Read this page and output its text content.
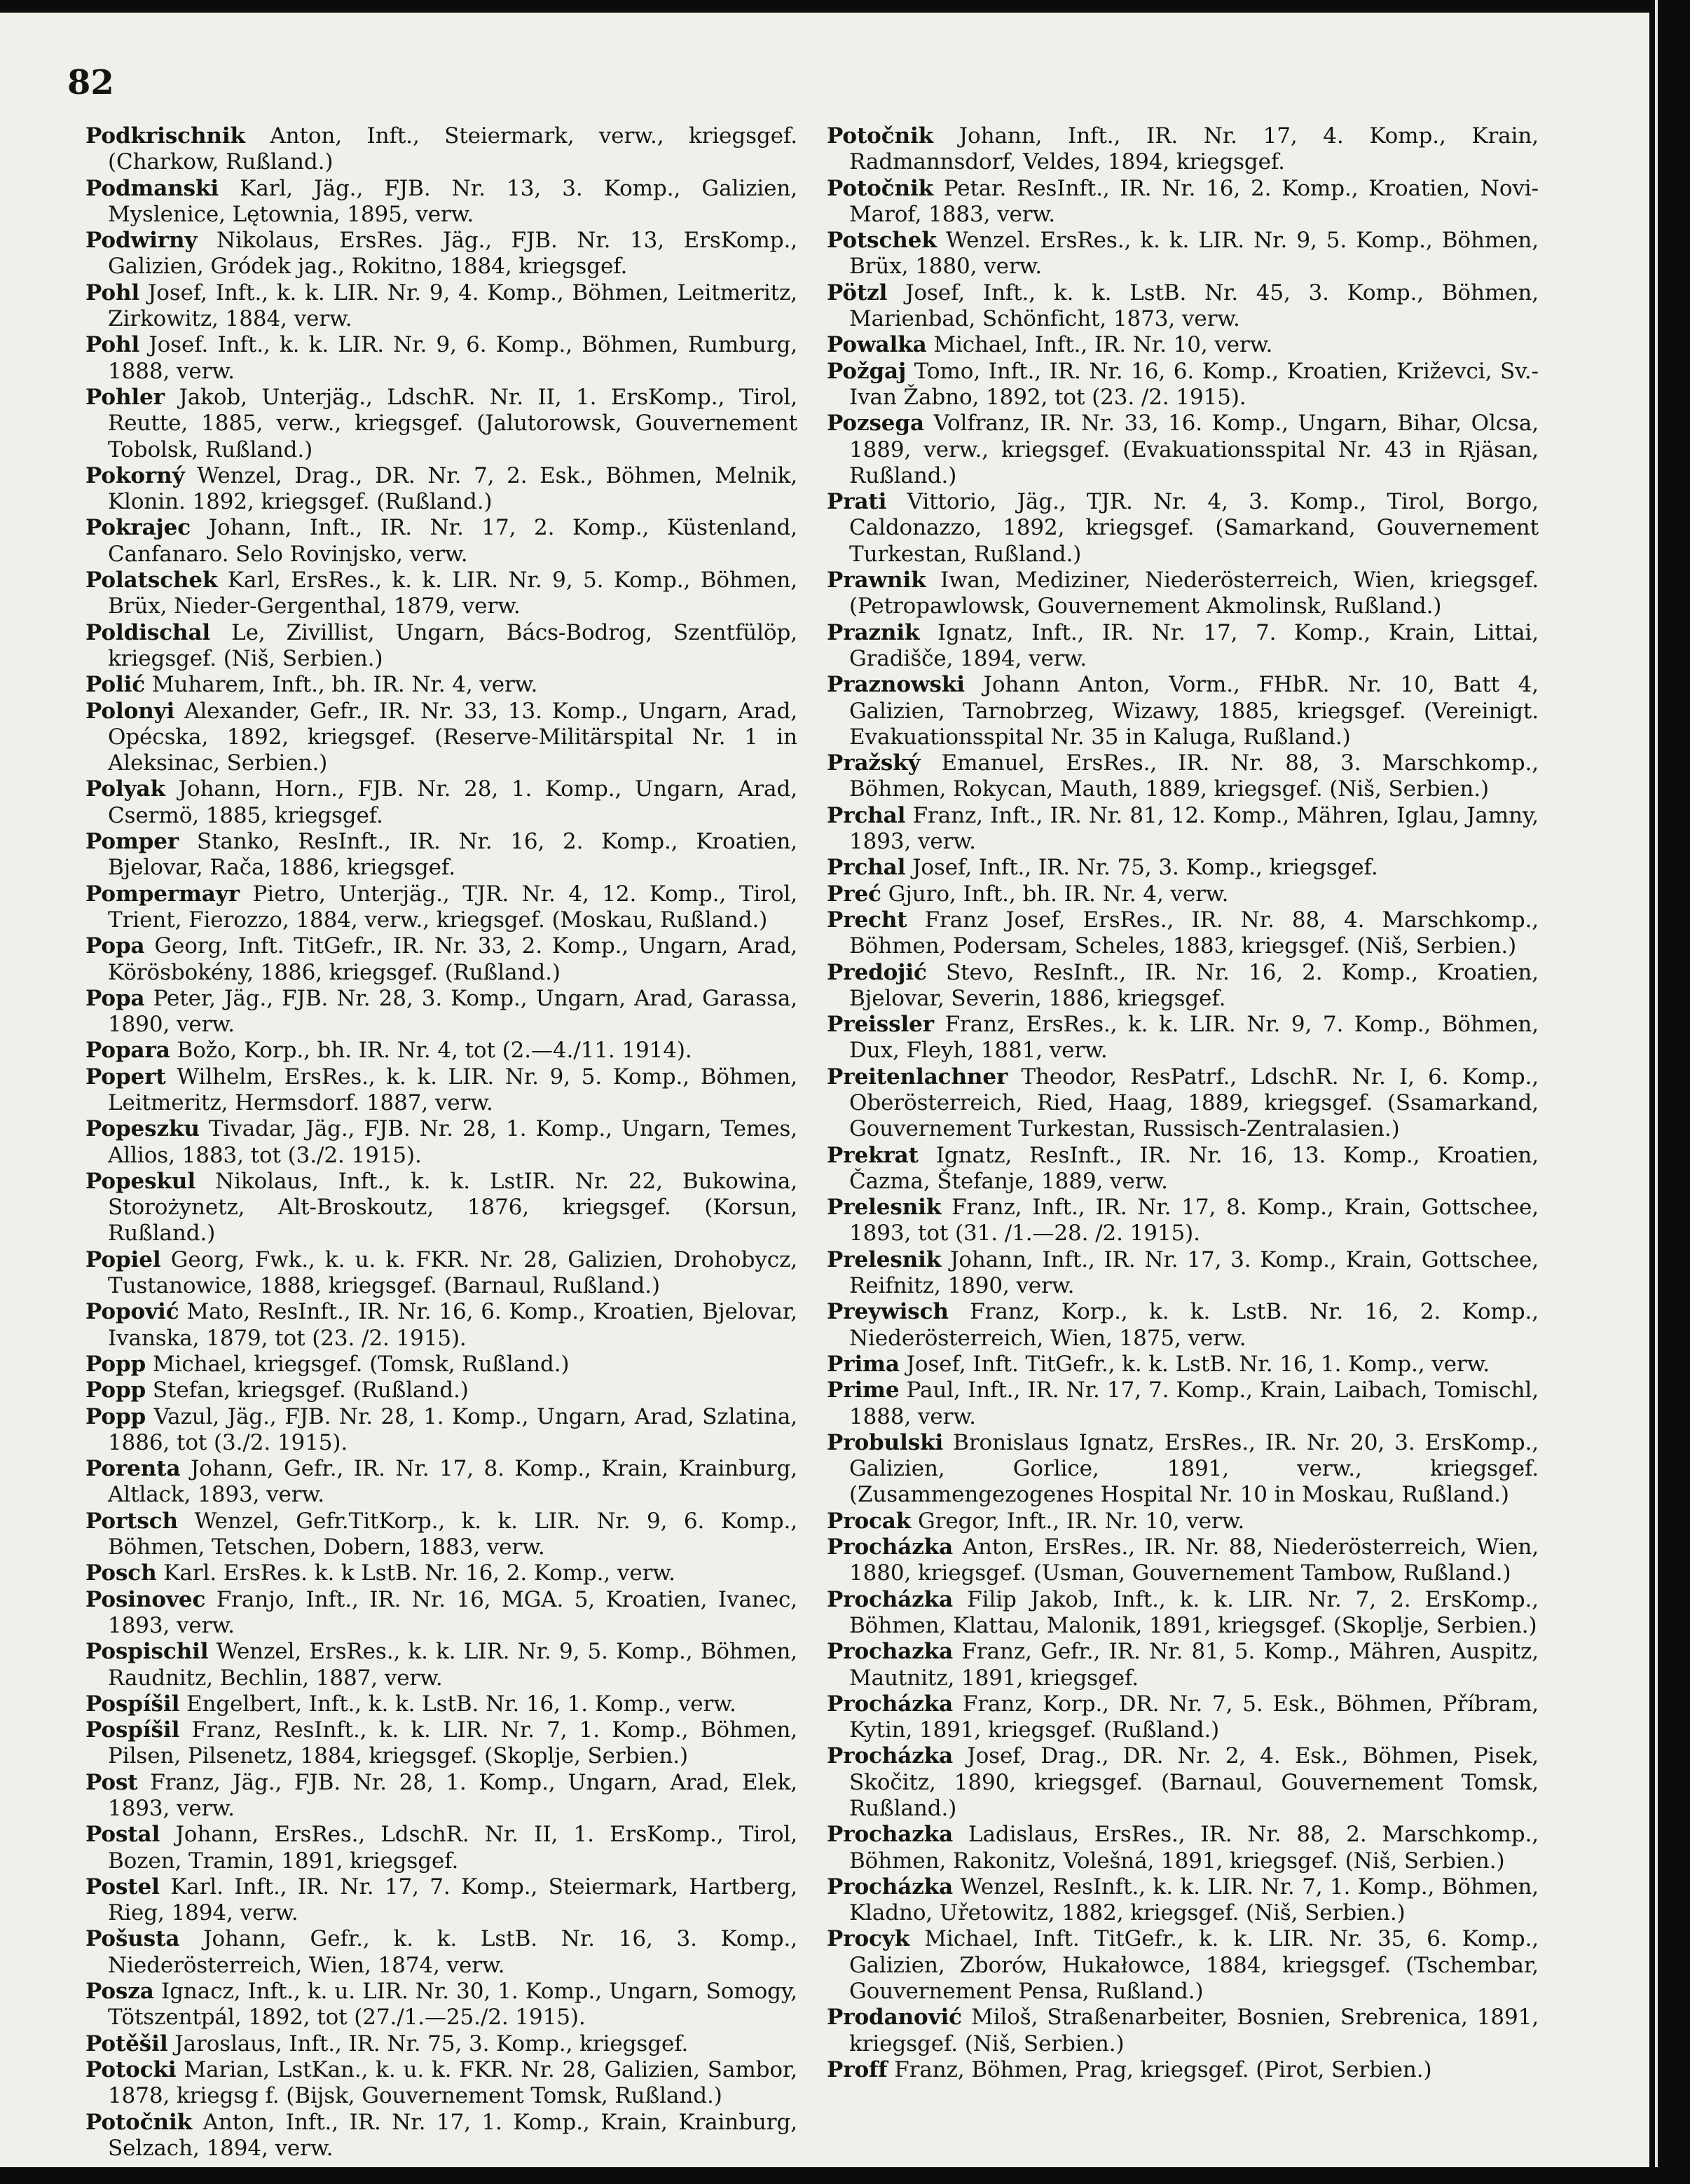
82

Podkrischnik Anton, Inft., Steiermark, verw., kriegsgef. (Charkow, Rußland.)

Podmanski Karl, Jäg., FJB. Nr. 13, 3. Komp., Galizien, Myslenice, Lętownia, 1895, verw.

Podwirny Nikolaus, ErsRes. Jäg., FJB. Nr. 13, ErsKomp., Galizien, Gródek jag., Rokitno, 1884, kriegsgef.

Pohl Josef, Inft., k. k. LIR. Nr. 9, 4. Komp., Böhmen, Leitmeritz, Zirkowitz, 1884, verw.

Pohl Josef. Inft., k. k. LIR. Nr. 9, 6. Komp., Böhmen, Rumburg, 1888, verw.

Pohler Jakob, Unterjäg., LdschR. Nr. II, 1. ErsKomp., Tirol, Reutte, 1885, verw., kriegsgef. (Jalutorowsk, Gouvernement Tobolsk, Rußland.)

Pokorný Wenzel, Drag., DR. Nr. 7, 2. Esk., Böhmen, Melnik, Klonin. 1892, kriegsgef. (Rußland.)

Pokrajec Johann, Inft., IR. Nr. 17, 2. Komp., Küstenland, Canfanaro. Selo Rovinjsko, verw.

Polatschek Karl, ErsRes., k. k. LIR. Nr. 9, 5. Komp., Böhmen, Brüx, Nieder-Gergenthal, 1879, verw.

Poldischal Le, Zivillist, Ungarn, Bács-Bodrog, Szentfülöp, kriegsgef. (Niš, Serbien.)

Polić Muharem, Inft., bh. IR. Nr. 4, verw.

Polonyi Alexander, Gefr., IR. Nr. 33, 13. Komp., Ungarn, Arad, Opécska, 1892, kriegsgef. (Reserve-Militärspital Nr. 1 in Aleksinac, Serbien.)

Polyak Johann, Horn., FJB. Nr. 28, 1. Komp., Ungarn, Arad, Csermö, 1885, kriegsgef.

Pomper Stanko, ResInft., IR. Nr. 16, 2. Komp., Kroatien, Bjelovar, Rača, 1886, kriegsgef.

Pompermayr Pietro, Unterjäg., TJR. Nr. 4, 12. Komp., Tirol, Trient, Fierozzo, 1884, verw., kriegsgef. (Moskau, Rußland.)

Popa Georg, Inft. TitGefr., IR. Nr. 33, 2. Komp., Ungarn, Arad, Körösbokény, 1886, kriegsgef. (Rußland.)

Popa Peter, Jäg., FJB. Nr. 28, 3. Komp., Ungarn, Arad, Garassa, 1890, verw.

Popara Božo, Korp., bh. IR. Nr. 4, tot (2.—4./11. 1914).

Popert Wilhelm, ErsRes., k. k. LIR. Nr. 9, 5. Komp., Böhmen, Leitmeritz, Hermsdorf. 1887, verw.

Popeszku Tivadar, Jäg., FJB. Nr. 28, 1. Komp., Ungarn, Temes, Allios, 1883, tot (3./2. 1915).

Popeskul Nikolaus, Inft., k. k. LstIR. Nr. 22, Bukowina, Storożynetz, Alt-Broskoutz, 1876, kriegsgef. (Korsun, Rußland.)

Popiel Georg, Fwk., k. u. k. FKR. Nr. 28, Galizien, Drohobycz, Tustanowice, 1888, kriegsgef. (Barnaul, Rußland.)

Popović Mato, ResInft., IR. Nr. 16, 6. Komp., Kroatien, Bjelovar, Ivanska, 1879, tot (23. /2. 1915).

Popp Michael, kriegsgef. (Tomsk, Rußland.)

Popp Stefan, kriegsgef. (Rußland.)

Popp Vazul, Jäg., FJB. Nr. 28, 1. Komp., Ungarn, Arad, Szlatina, 1886, tot (3./2. 1915).

Porenta Johann, Gefr., IR. Nr. 17, 8. Komp., Krain, Krainburg, Altlack, 1893, verw.

Portsch Wenzel, Gefr.TitKorp., k. k. LIR. Nr. 9, 6. Komp., Böhmen, Tetschen, Dobern, 1883, verw.

Posch Karl. ErsRes. k. k LstB. Nr. 16, 2. Komp., verw.

Posinovec Franjo, Inft., IR. Nr. 16, MGA. 5, Kroatien, Ivanec, 1893, verw.

Pospischil Wenzel, ErsRes., k. k. LIR. Nr. 9, 5. Komp., Böhmen, Raudnitz, Bechlin, 1887, verw.

Pospíšil Engelbert, Inft., k. k. LstB. Nr. 16, 1. Komp., verw.

Pospíšil Franz, ResInft., k. k. LIR. Nr. 7, 1. Komp., Böhmen, Pilsen, Pilsenetz, 1884, kriegsgef. (Skoplje, Serbien.)

Post Franz, Jäg., FJB. Nr. 28, 1. Komp., Ungarn, Arad, Elek, 1893, verw.

Postal Johann, ErsRes., LdschR. Nr. II, 1. ErsKomp., Tirol, Bozen, Tramin, 1891, kriegsgef.

Postel Karl. Inft., IR. Nr. 17, 7. Komp., Steiermark, Hartberg, Rieg, 1894, verw.

Pošusta Johann, Gefr., k. k. LstB. Nr. 16, 3. Komp., Niederösterreich, Wien, 1874, verw.

Posza Ignacz, Inft., k. u. LIR. Nr. 30, 1. Komp., Ungarn, Somogy, Tötszentpál, 1892, tot (27./1.—25./2. 1915).

Potěšil Jaroslaus, Inft., IR. Nr. 75, 3. Komp., kriegsgef.

Potocki Marian, LstKan., k. u. k. FKR. Nr. 28, Galizien, Sambor, 1878, kriegsg f. (Bijsk, Gouvernement Tomsk, Rußland.)

Potočnik Anton, Inft., IR. Nr. 17, 1. Komp., Krain, Krainburg, Selzach, 1894, verw.

Potočnik Johann, Inft., IR. Nr. 17, 4. Komp., Krain, Radmannsdorf, Veldes, 1894, kriegsgef.

Potočnik Petar. ResInft., IR. Nr. 16, 2. Komp., Kroatien, Novi-Marof, 1883, verw.

Potschek Wenzel. ErsRes., k. k. LIR. Nr. 9, 5. Komp., Böhmen, Brüx, 1880, verw.

Pötzl Josef, Inft., k. k. LstB. Nr. 45, 3. Komp., Böhmen, Marienbad, Schönficht, 1873, verw.

Powalka Michael, Inft., IR. Nr. 10, verw.

Požgaj Tomo, Inft., IR. Nr. 16, 6. Komp., Kroatien, Križevci, Sv.-Ivan Žabno, 1892, tot (23. /2. 1915).

Pozsega Volfranz, IR. Nr. 33, 16. Komp., Ungarn, Bihar, Olcsa, 1889, verw., kriegsgef. (Evakuationsspital Nr. 43 in Rjäsan, Rußland.)

Prati Vittorio, Jäg., TJR. Nr. 4, 3. Komp., Tirol, Borgo, Caldonazzo, 1892, kriegsgef. (Samarkand, Gouvernement Turkestan, Rußland.)

Prawnik Iwan, Mediziner, Niederösterreich, Wien, kriegsgef. (Petropawlowsk, Gouvernement Akmolinsk, Rußland.)

Praznik Ignatz, Inft., IR. Nr. 17, 7. Komp., Krain, Littai, Gradišče, 1894, verw.

Praznowski Johann Anton, Vorm., FHbR. Nr. 10, Batt 4, Galizien, Tarnobrzeg, Wizawy, 1885, kriegsgef. (Vereinigt. Evakuationsspital Nr. 35 in Kaluga, Rußland.)

Pražský Emanuel, ErsRes., IR. Nr. 88, 3. Marschkomp., Böhmen, Rokycan, Mauth, 1889, kriegsgef. (Niš, Serbien.)

Prchal Franz, Inft., IR. Nr. 81, 12. Komp., Mähren, Iglau, Jamny, 1893, verw.

Prchal Josef, Inft., IR. Nr. 75, 3. Komp., kriegsgef.

Preć Gjuro, Inft., bh. IR. Nr. 4, verw.

Precht Franz Josef, ErsRes., IR. Nr. 88, 4. Marschkomp., Böhmen, Podersam, Scheles, 1883, kriegsgef. (Niš, Serbien.)

Predojić Stevo, ResInft., IR. Nr. 16, 2. Komp., Kroatien, Bjelovar, Severin, 1886, kriegsgef.

Preissler Franz, ErsRes., k. k. LIR. Nr. 9, 7. Komp., Böhmen, Dux, Fleyh, 1881, verw.

Preitenlachner Theodor, ResPatrf., LdschR. Nr. I, 6. Komp., Oberösterreich, Ried, Haag, 1889, kriegsgef. (Ssamarkand, Gouvernement Turkestan, Russisch-Zentralasien.)

Prekrat Ignatz, ResInft., IR. Nr. 16, 13. Komp., Kroatien, Čazma, Štefanje, 1889, verw.

Prelesnik Franz, Inft., IR. Nr. 17, 8. Komp., Krain, Gottschee, 1893, tot (31. /1.—28. /2. 1915).

Prelesnik Johann, Inft., IR. Nr. 17, 3. Komp., Krain, Gottschee, Reifnitz, 1890, verw.

Preywisch Franz, Korp., k. k. LstB. Nr. 16, 2. Komp., Niederösterreich, Wien, 1875, verw.

Prima Josef, Inft. TitGefr., k. k. LstB. Nr. 16, 1. Komp., verw.

Prime Paul, Inft., IR. Nr. 17, 7. Komp., Krain, Laibach, Tomischl, 1888, verw.

Probulski Bronislaus Ignatz, ErsRes., IR. Nr. 20, 3. ErsKomp., Galizien, Gorlice, 1891, verw., kriegsgef. (Zusammengezogenes Hospital Nr. 10 in Moskau, Rußland.)

Procak Gregor, Inft., IR. Nr. 10, verw.

Procházka Anton, ErsRes., IR. Nr. 88, Niederösterreich, Wien, 1880, kriegsgef. (Usman, Gouvernement Tambow, Rußland.)

Procházka Filip Jakob, Inft., k. k. LIR. Nr. 7, 2. ErsKomp., Böhmen, Klattau, Malonik, 1891, kriegsgef. (Skoplje, Serbien.)

Prochazka Franz, Gefr., IR. Nr. 81, 5. Komp., Mähren, Auspitz, Mautnitz, 1891, kriegsgef.

Procházka Franz, Korp., DR. Nr. 7, 5. Esk., Böhmen, Příbram, Kytin, 1891, kriegsgef. (Rußland.)

Procházka Josef, Drag., DR. Nr. 2, 4. Esk., Böhmen, Pisek, Skočitz, 1890, kriegsgef. (Barnaul, Gouvernement Tomsk, Rußland.)

Prochazka Ladislaus, ErsRes., IR. Nr. 88, 2. Marschkomp., Böhmen, Rakonitz, Volešná, 1891, kriegsgef. (Niš, Serbien.)

Procházka Wenzel, ResInft., k. k. LIR. Nr. 7, 1. Komp., Böhmen, Kladno, Uřetowitz, 1882, kriegsgef. (Niš, Serbien.)

Procyk Michael, Inft. TitGefr., k. k. LIR. Nr. 35, 6. Komp., Galizien, Zborów, Hukałowce, 1884, kriegsgef. (Tschembar, Gouvernement Pensa, Rußland.)

Prodanović Miloš, Straßenarbeiter, Bosnien, Srebrenica, 1891, kriegsgef. (Niš, Serbien.)

Proff Franz, Böhmen, Prag, kriegsgef. (Pirot, Serbien.)
